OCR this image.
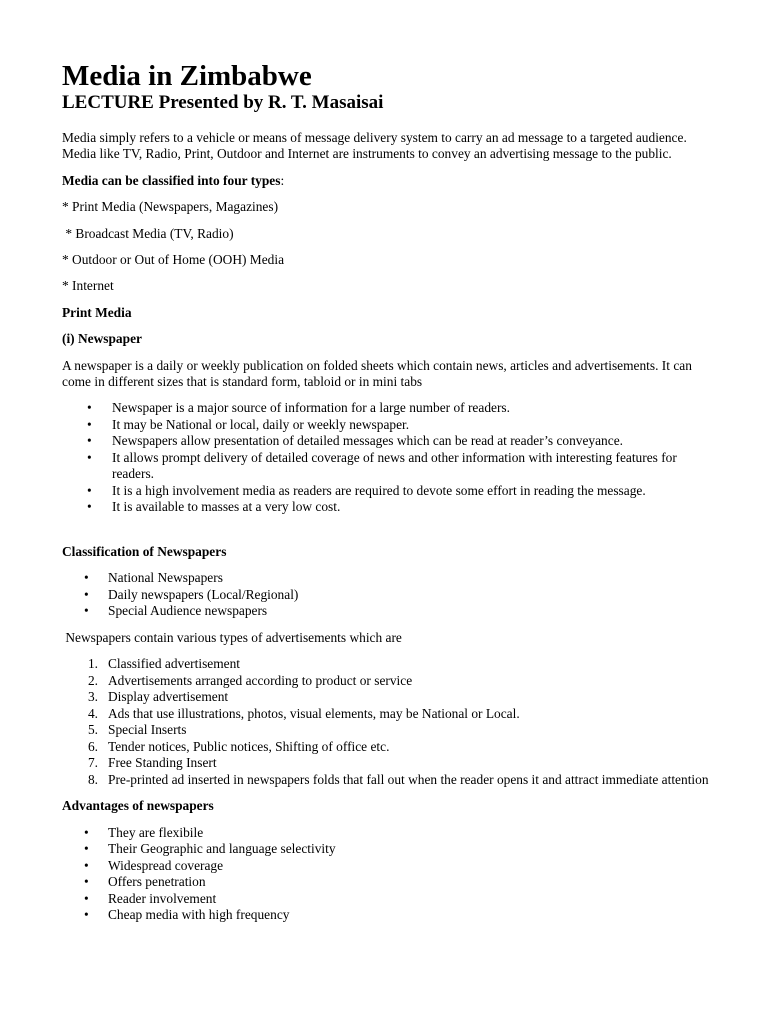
Media in Zimbabwe
LECTURE Presented by R. T. Masaisai

Media simply refers to a vehicle or means of message delivery system to carry an ad message to a targeted audience. Media like TV, Radio, Print, Outdoor and Internet are instruments to convey an advertising message to the public.

Media can be classified into four types:

* Print Media (Newspapers, Magazines)

* Broadcast Media (TV, Radio)

* Outdoor or Out of Home (OOH) Media

* Internet

Print Media

(i) Newspaper

A newspaper is a daily or weekly publication on folded sheets which contain news, articles and advertisements. It can come in different sizes that is standard form, tabloid or in mini tabs

• Newspaper is a major source of information for a large number of readers.
• It may be National or local, daily or weekly newspaper.
• Newspapers allow presentation of detailed messages which can be read at reader’s conveyance.
• It allows prompt delivery of detailed coverage of news and other information with interesting features for readers.
• It is a high involvement media as readers are required to devote some effort in reading the message.
• It is available to masses at a very low cost.

Classification of Newspapers

• National Newspapers
• Daily newspapers (Local/Regional)
• Special Audience newspapers

Newspapers contain various types of advertisements which are

1. Classified advertisement
2. Advertisements arranged according to product or service
3. Display advertisement
4. Ads that use illustrations, photos, visual elements, may be National or Local.
5. Special Inserts
6. Tender notices, Public notices, Shifting of office etc.
7. Free Standing Insert
8. Pre-printed ad inserted in newspapers folds that fall out when the reader opens it and attract immediate attention

Advantages of newspapers

• They are flexibile
• Their Geographic and language selectivity
• Widespread coverage
• Offers penetration
• Reader involvement
• Cheap media with high frequency
